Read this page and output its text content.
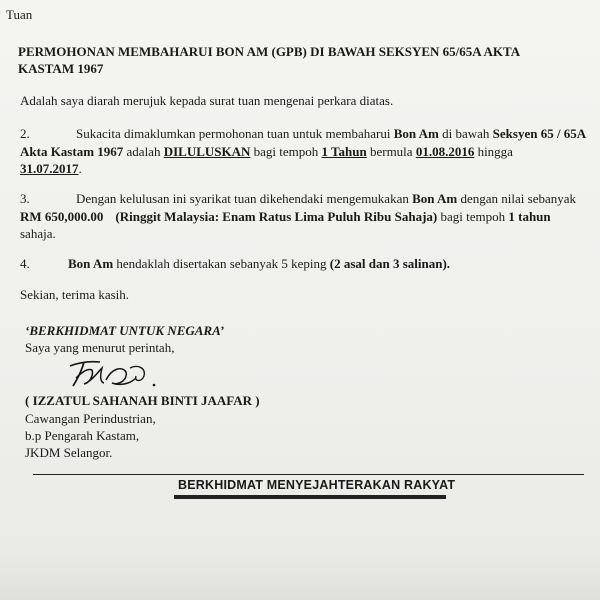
Tuan
PERMOHONAN MEMBAHARUI BON AM (GPB) DI BAWAH SEKSYEN 65/65A AKTA
KASTAM 1967
Adalah saya diarah merujuk kepada surat tuan mengenai perkara diatas.
2.	Sukacita dimaklumkan permohonan tuan untuk membaharui Bon Am di bawah Seksyen 65 / 65A
Akta Kastam 1967 adalah DILULUSKAN bagi tempoh 1 Tahun bermula 01.08.2016 hingga
31.07.2017.
3.	Dengan kelulusan ini syarikat tuan dikehendaki mengemukakan Bon Am dengan nilai sebanyak
RM 650,000.00 (Ringgit Malaysia: Enam Ratus Lima Puluh Ribu Sahaja) bagi tempoh 1 tahun
sahaja.
4.	Bon Am hendaklah disertakan sebanyak 5 keping (2 asal dan 3 salinan).
Sekian, terima kasih.
‘BERKHIDMAT UNTUK NEGARA’
Saya yang menurut perintah,
( IZZATUL SAHANAH BINTI JAAFAR )
Cawangan Perindustrian,
b.p Pengarah Kastam,
JKDM Selangor.
BERKHIDMAT MENYEJAHTERAKAN RAKYAT
